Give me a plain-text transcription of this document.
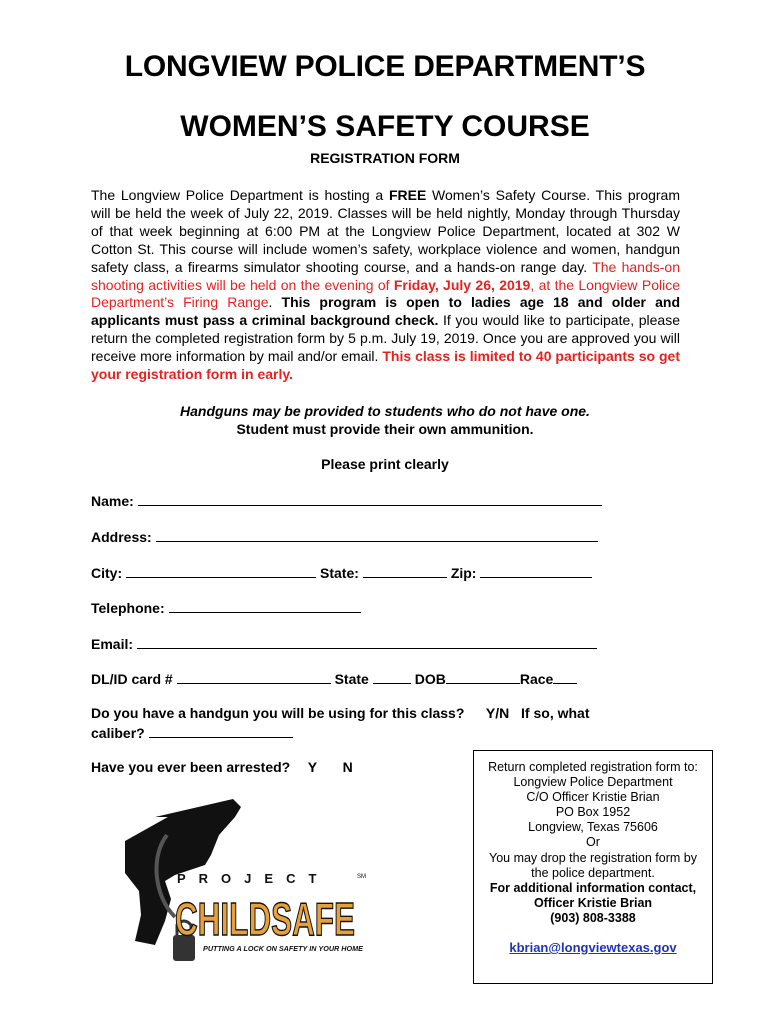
LONGVIEW POLICE DEPARTMENT’S
WOMEN’S SAFETY COURSE
REGISTRATION FORM
The Longview Police Department is hosting a FREE Women’s Safety Course. This program will be held the week of July 22, 2019. Classes will be held nightly, Monday through Thursday of that week beginning at 6:00 PM at the Longview Police Department, located at 302 W Cotton St. This course will include women’s safety, workplace violence and women, handgun safety class, a firearms simulator shooting course, and a hands-on range day. The hands-on shooting activities will be held on the evening of Friday, July 26, 2019, at the Longview Police Department’s Firing Range. This program is open to ladies age 18 and older and applicants must pass a criminal background check. If you would like to participate, please return the completed registration form by 5 p.m. July 19, 2019. Once you are approved you will receive more information by mail and/or email. This class is limited to 40 participants so get your registration form in early.
Handguns may be provided to students who do not have one.
Student must provide their own ammunition.
Please print clearly
Name:
Address:
City:	State:	Zip:
Telephone:
Email:
DL/ID card #	State	DOB	Race
Do you have a handgun you will be using for this class? Y/N If so, what
caliber?
Have you ever been arrested? Y N	Return completed registration form to:
Longview Police Department
C/O Officer Kristie Brian
PO Box 1952
Longview, Texas 75606
Or
You may drop the registration form by
the police department.
For additional information contact,
Officer Kristie Brian
(903) 808-3388
kbrian@longviewtexas.gov
PROJECT
CHILDSAFE
SM
PUTTING A LOCK ON SAFETY IN YOUR HOME
